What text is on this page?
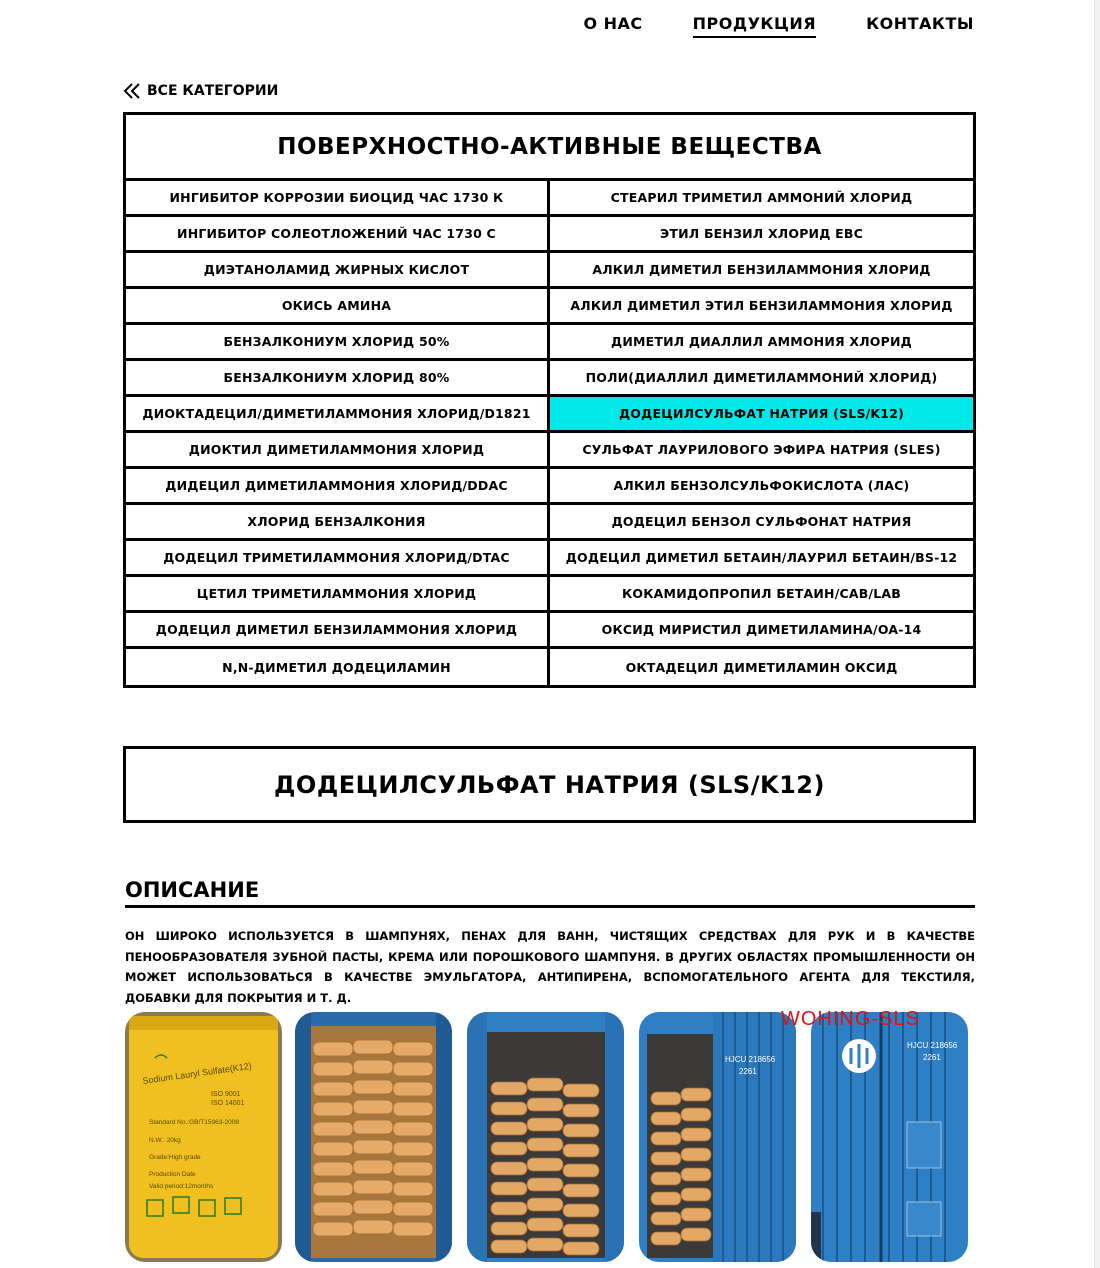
О НАС	ПРОДУКЦИЯ	КОНТАКТЫ
ВСЕ КАТЕГОРИИ
ПОВЕРХНОСТНО-АКТИВНЫЕ ВЕЩЕСТВА
ИНГИБИТОР КОРРОЗИИ БИОЦИД ЧАС 1730 К	СТЕАРИЛ ТРИМЕТИЛ АММОНИЙ ХЛОРИД
ИНГИБИТОР СОЛЕОТЛОЖЕНИЙ ЧАС 1730 С	ЭТИЛ БЕНЗИЛ ХЛОРИД EBC
ДИЭТАНОЛАМИД ЖИРНЫХ КИСЛОТ	АЛКИЛ ДИМЕТИЛ БЕНЗИЛАММОНИЯ ХЛОРИД
ОКИСЬ АМИНА	АЛКИЛ ДИМЕТИЛ ЭТИЛ БЕНЗИЛАММОНИЯ ХЛОРИД
БЕНЗАЛКОНИУМ ХЛОРИД 50%	ДИМЕТИЛ ДИАЛЛИЛ АММОНИЯ ХЛОРИД
БЕНЗАЛКОНИУМ ХЛОРИД 80%	ПОЛИ(ДИАЛЛИЛ ДИМЕТИЛАММОНИЙ ХЛОРИД)
ДИОКТАДЕЦИЛ/ДИМЕТИЛАММОНИЯ ХЛОРИД/D1821	ДОДЕЦИЛСУЛЬФАТ НАТРИЯ (SLS/K12)
ДИОКТИЛ ДИМЕТИЛАММОНИЯ ХЛОРИД	СУЛЬФАТ ЛАУРИЛОВОГО ЭФИРА НАТРИЯ (SLES)
ДИДЕЦИЛ ДИМЕТИЛАММОНИЯ ХЛОРИД/DDAC	АЛКИЛ БЕНЗОЛСУЛЬФОКИСЛОТА (ЛАС)
ХЛОРИД БЕНЗАЛКОНИЯ	ДОДЕЦИЛ БЕНЗОЛ СУЛЬФОНАТ НАТРИЯ
ДОДЕЦИЛ ТРИМЕТИЛАММОНИЯ ХЛОРИД/DTAC	ДОДЕЦИЛ ДИМЕТИЛ БЕТАИН/ЛАУРИЛ БЕТАИН/BS-12
ЦЕТИЛ ТРИМЕТИЛАММОНИЯ ХЛОРИД	КОКАМИДОПРОПИЛ БЕТАИН/CAB/LAB
ДОДЕЦИЛ ДИМЕТИЛ БЕНЗИЛАММОНИЯ ХЛОРИД	ОКСИД МИРИСТИЛ ДИМЕТИЛАМИНА/OA-14
N,N-ДИМЕТИЛ ДОДЕЦИЛАМИН	ОКТАДЕЦИЛ ДИМЕТИЛАМИН ОКСИД
ДОДЕЦИЛСУЛЬФАТ НАТРИЯ (SLS/K12)
ОПИСАНИЕ

ОН ШИРОКО ИСПОЛЬЗУЕТСЯ В ШАМПУНЯХ, ПЕНАХ ДЛЯ ВАНН, ЧИСТЯЩИХ СРЕДСТВАХ ДЛЯ РУК И В КАЧЕСТВЕ ПЕНООБРАЗОВАТЕЛЯ ЗУБНОЙ ПАСТЫ, КРЕМА ИЛИ ПОРОШКОВОГО ШАМПУНЯ. В ДРУГИХ ОБЛАСТЯХ ПРОМЫШЛЕННОСТИ ОН МОЖЕТ ИСПОЛЬЗОВАТЬСЯ В КАЧЕСТВЕ ЭМУЛЬГАТОРА, АНТИПИРЕНА, ВСПОМОГАТЕЛЬНОГО АГЕНТА ДЛЯ ТЕКСТИЛЯ, ДОБАВКИ ДЛЯ ПОКРЫТИЯ И Т. Д.

Sodium Lauryl Sulfate(K12)
ISO 9001
ISO 14001
Standard No.:GB/T15963-2008
N.W.: 20kg
Grade:High grade
Production Date
Valid period:12months
HJCU 218656
2261
HJCU 218656
2261
WOHING-SLS
